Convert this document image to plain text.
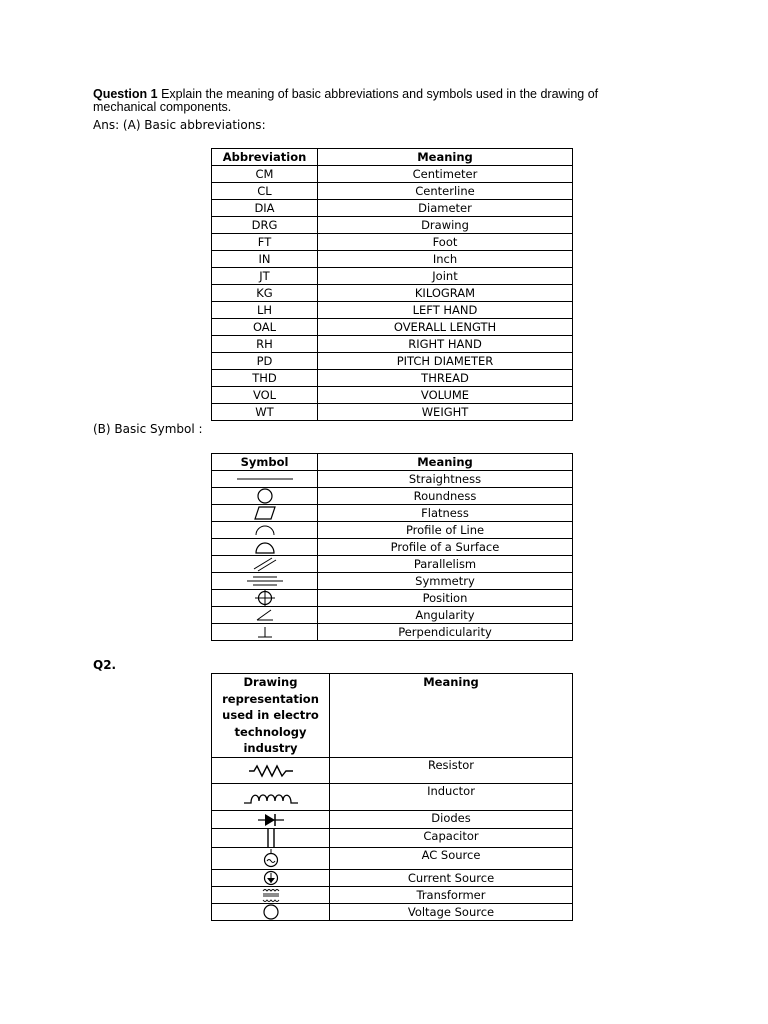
Question 1 Explain the meaning of basic abbreviations and symbols used in the drawing of mechanical components.
Ans: (A) Basic abbreviations:
Abbreviation	Meaning
CM	Centimeter
CL	Centerline
DIA	Diameter
DRG	Drawing
FT	Foot
IN	Inch
JT	Joint
KG	KILOGRAM
LH	LEFT HAND
OAL	OVERALL LENGTH
RH	RIGHT HAND
PD	PITCH DIAMETER
THD	THREAD
VOL	VOLUME
WT	WEIGHT
(B) Basic Symbol :
Symbol	Meaning

	Straightness

	Roundness

	Flatness

	Profile of Line

	Profile of a Surface

	Parallelism

	Symmetry

	Position

	Angularity

	Perpendicularity
Q2.
Drawing representation used in electro technology industry	Meaning

	Resistor

	Inductor

	Diodes

	Capacitor

	AC Source

	Current Source

	Transformer

	Voltage Source
